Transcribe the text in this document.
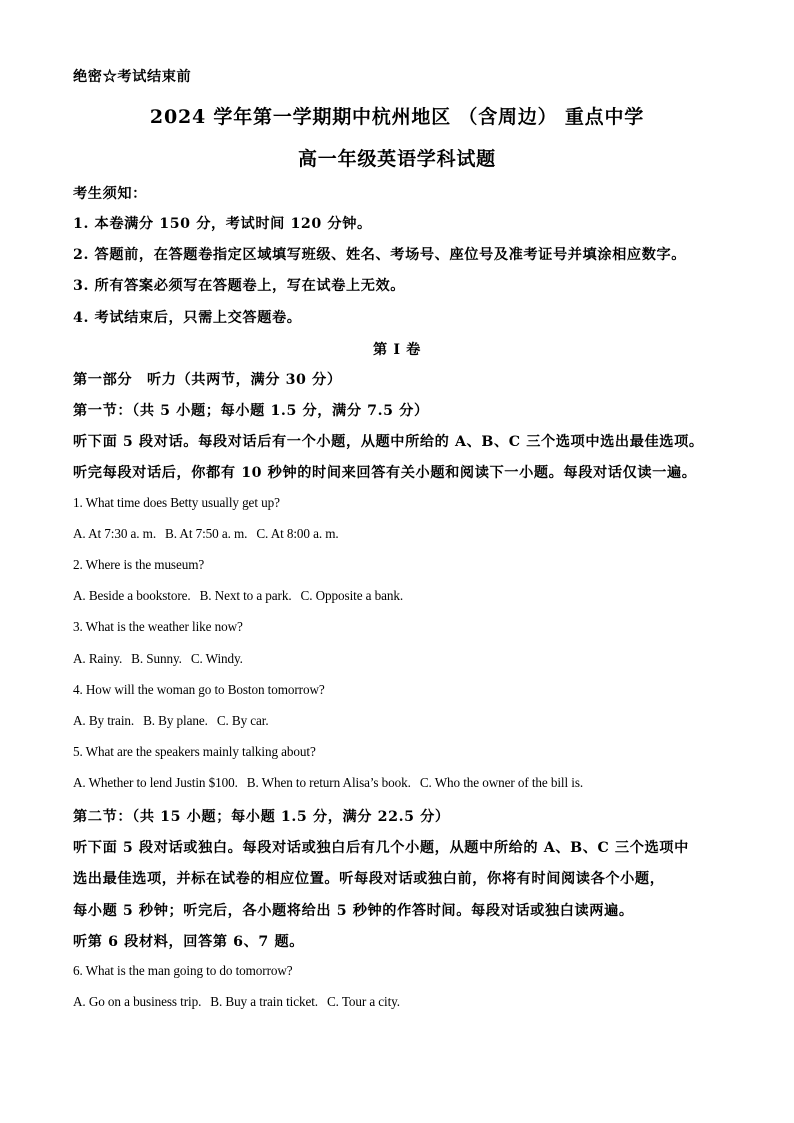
绝密☆考试结束前
2024 学年第一学期期中杭州地区 （含周边） 重点中学
高一年级英语学科试题
考生须知：
1. 本卷满分 150 分，考试时间 120 分钟。
2. 答题前，在答题卷指定区域填写班级、姓名、考场号、座位号及准考证号并填涂相应数字。
3. 所有答案必须写在答题卷上，写在试卷上无效。
4. 考试结束后，只需上交答题卷。
第 I 卷
第一部分　听力（共两节，满分 30 分）
第一节：（共 5 小题；每小题 1.5 分，满分 7.5 分）
听下面 5 段对话。每段对话后有一个小题，从题中所给的 A、B、C 三个选项中选出最佳选项。
听完每段对话后，你都有 10 秒钟的时间来回答有关小题和阅读下一小题。每段对话仅读一遍。
1. What time does Betty usually get up?
A. At 7:30 a. m. B. At 7:50 a. m. C. At 8:00 a. m.
2. Where is the museum?
A. Beside a bookstore. B. Next to a park. C. Opposite a bank.
3. What is the weather like now?
A. Rainy. B. Sunny. C. Windy.
4. How will the woman go to Boston tomorrow?
A. By train. B. By plane. C. By car.
5. What are the speakers mainly talking about?
A. Whether to lend Justin $100. B. When to return Alisa’s book. C. Who the owner of the bill is.
第二节：（共 15 小题；每小题 1.5 分，满分 22.5 分）
听下面 5 段对话或独白。每段对话或独白后有几个小题，从题中所给的 A、B、C 三个选项中
选出最佳选项，并标在试卷的相应位置。听每段对话或独白前，你将有时间阅读各个小题，
每小题 5 秒钟；听完后，各小题将给出 5 秒钟的作答时间。每段对话或独白读两遍。
听第 6 段材料，回答第 6、7 题。
6. What is the man going to do tomorrow?
A. Go on a business trip. B. Buy a train ticket. C. Tour a city.
